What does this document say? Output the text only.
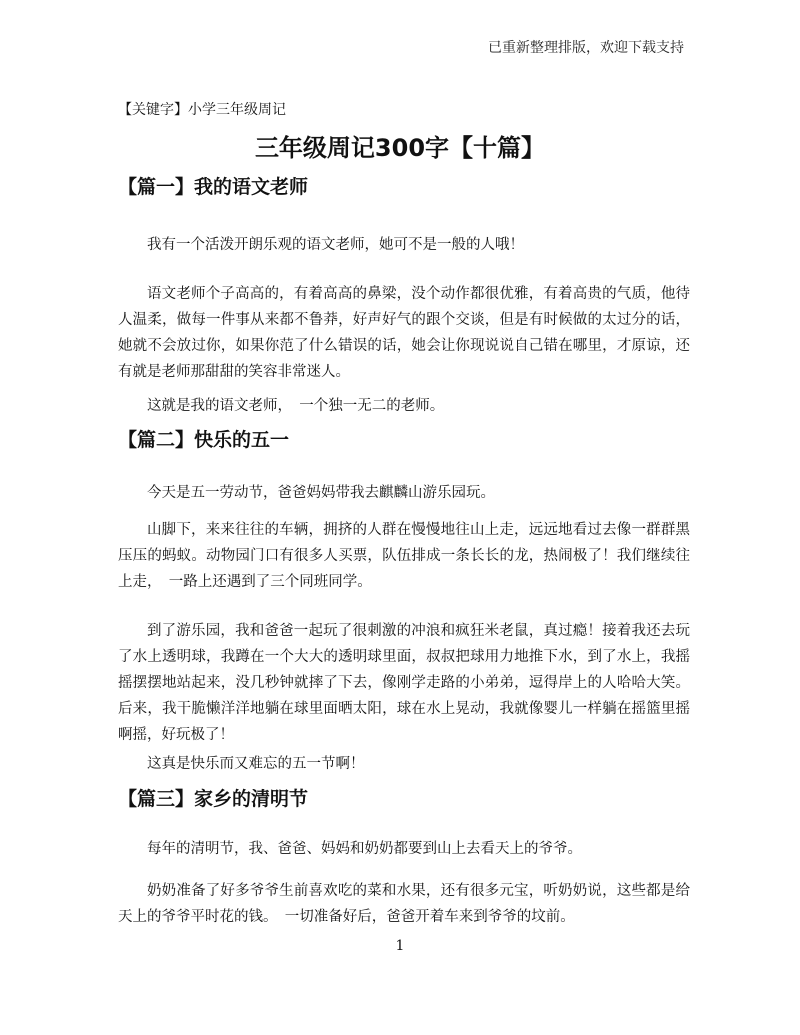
已重新整理排版，欢迎下载支持
【关键字】小学三年级周记
三年级周记300字【十篇】
【篇一】我的语文老师

我有一个活泼开朗乐观的语文老师，她可不是一般的人哦！

语文老师个子高高的，有着高高的鼻梁，没个动作都很优雅，有着高贵的气质，他待人温柔，做每一件事从来都不鲁莽，好声好气的跟个交谈，但是有时候做的太过分的话，她就不会放过你，如果你范了什么错误的话，她会让你现说说自己错在哪里，才原谅，还有就是老师那甜甜的笑容非常迷人。

这就是我的语文老师，　一个独一无二的老师。

【篇二】快乐的五一

今天是五一劳动节，爸爸妈妈带我去麒麟山游乐园玩。

山脚下，来来往往的车辆，拥挤的人群在慢慢地往山上走，远远地看过去像一群群黑压压的蚂蚁。动物园门口有很多人买票，队伍排成一条长长的龙，热闹极了！我们继续往上走，　一路上还遇到了三个同班同学。

到了游乐园，我和爸爸一起玩了很刺激的冲浪和疯狂米老鼠，真过瘾！接着我还去玩了水上透明球，我蹲在一个大大的透明球里面，叔叔把球用力地推下水，到了水上，我摇摇摆摆地站起来，没几秒钟就摔了下去，像刚学走路的小弟弟，逗得岸上的人哈哈大笑。后来，我干脆懒洋洋地躺在球里面晒太阳，球在水上晃动，我就像婴儿一样躺在摇篮里摇啊摇，好玩极了！

这真是快乐而又难忘的五一节啊！

【篇三】家乡的清明节

每年的清明节，我、爸爸、妈妈和奶奶都要到山上去看天上的爷爷。

奶奶准备了好多爷爷生前喜欢吃的菜和水果，还有很多元宝，听奶奶说，这些都是给天上的爷爷平时花的钱。　一切准备好后，爸爸开着车来到爷爷的坟前。

1
